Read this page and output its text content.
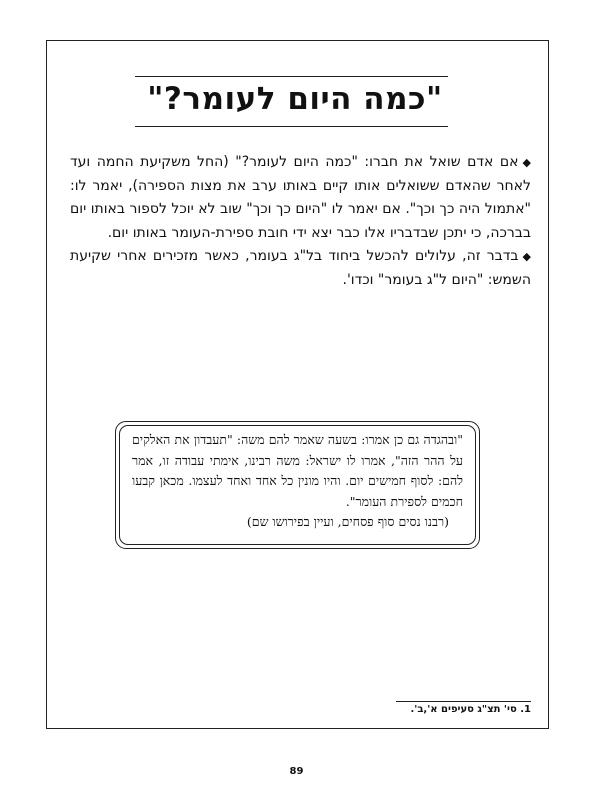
"כמה היום לעומר?"

◆אם אדם שואל את חברו: "כמה היום לעומר?" (החל משקיעת החמה ועד לאחר שהאדם ששואלים אותו קיים באותו ערב את מצות הספירה), יאמר לו: "אתמול היה כך וכך". אם יאמר לו "היום כך וכך" שוב לא יוכל לספור באותו יום בברכה, כי יתכן שבדבריו אלו כבר יצא ידי חובת ספירת-העומר באותו יום.

◆בדבר זה, עלולים להכשל ביחוד בל"ג בעומר, כאשר מזכירים אחרי שקיעת השמש: "היום ל"ג בעומר" וכדו'.

"ובהגדה גם כן אמרו: בשעה שאמר להם משה: "תעבדון את האלקים על ההר הזה", אמרו לו ישראל: משה רבינו, אימתי עבודה זו, אמר להם: לסוף חמישים יום. והיו מונין כל אחד ואחד לעצמו. מכאן קבעו חכמים לספירת העומר".
(רבנו נסים סוף פסחים, ועיין בפירושו שם)
1. סי' תצ"ג סעיפים א',ב'.
89
